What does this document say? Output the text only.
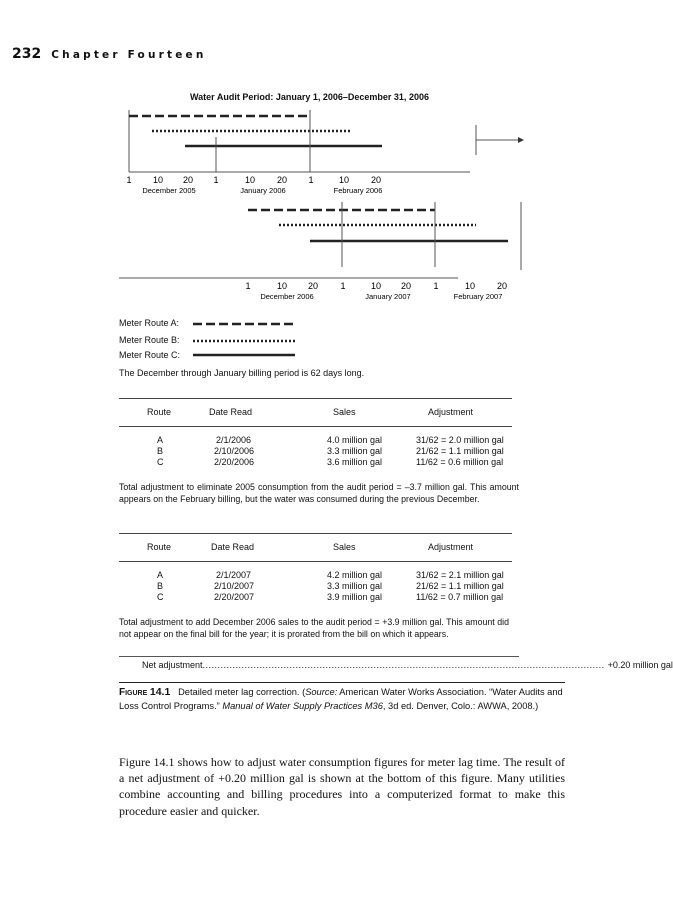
232 Chapter Fourteen
Water Audit Period: January 1, 2006–December 31, 2006
1 10 20 1	10 20 1	10 20
December 2005	January 2006	February 2006
1	10 20 1	10 20 1	10 20
December 2006	January 2007	February 2007
Meter Route A:
Meter Route B:
Meter Route C:
The December through January billing period is 62 days long.
Route	Date Read	Sales	Adjustment
A	2/1/2006	4.0 million gal	31/62 = 2.0 million gal
B	2/10/2006	3.3 million gal	21/62 = 1.1 million gal
C	2/20/2006	3.6 million gal	11/62 = 0.6 million gal
Total adjustment to eliminate 2005 consumption from the audit period = –3.7 million gal. This amount appears on the February billing, but the water was consumed during the previous December.
Route	Date Read	Sales	Adjustment
A	2/1/2007	4.2 million gal	31/62 = 2.1 million gal
B	2/10/2007	3.3 million gal	21/62 = 1.1 million gal
C	2/20/2007	3.9 million gal	11/62 = 0.7 million gal
Total adjustment to add December 2006 sales to the audit period = +3.9 million gal. This amount did not appear on the final bill for the year; it is prorated from the bill on which it appears.
Net adjustment ...................................................................................................................................... +0.20 million gal
Figure 14.1 Detailed meter lag correction. (Source: American Water Works Association. “Water Audits and Loss Control Programs.” Manual of Water Supply Practices M36, 3d ed. Denver, Colo.: AWWA, 2008.)
Figure 14.1 shows how to adjust water consumption figures for meter lag time. The result of a net adjustment of +0.20 million gal is shown at the bottom of this figure. Many utilities combine accounting and billing procedures into a computerized format to make this procedure easier and quicker.
